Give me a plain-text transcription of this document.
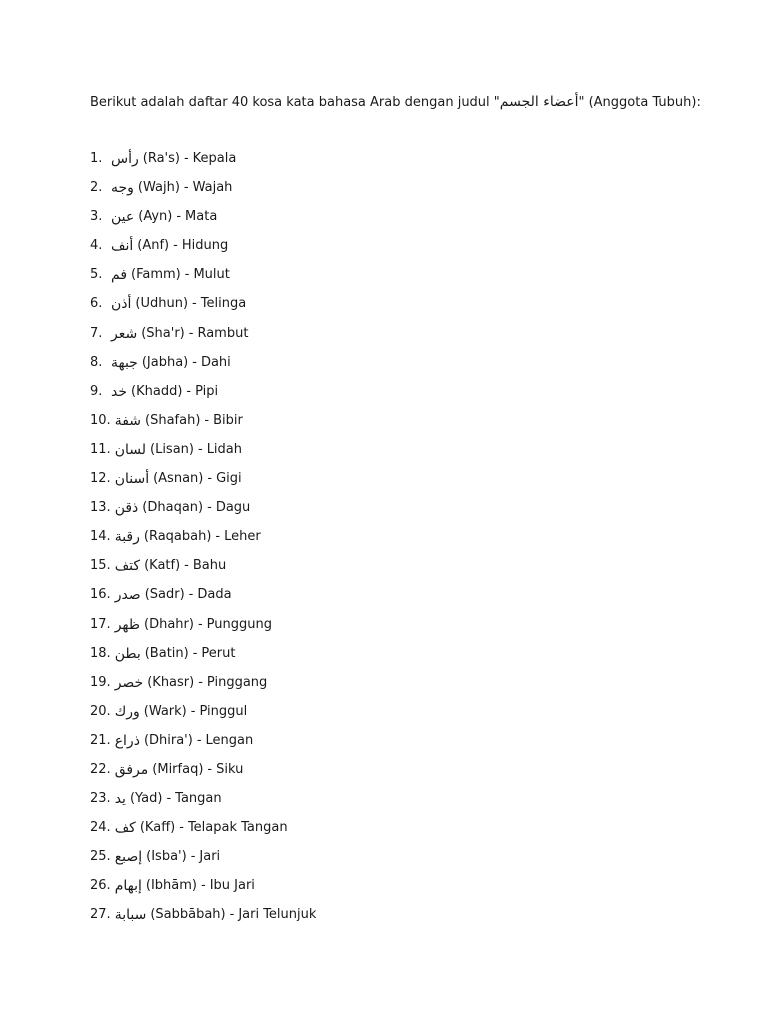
Berikut adalah daftar 40 kosa kata bahasa Arab dengan judul "أعضاء الجسم" (Anggota Tubuh):
1. رأس (Ra's) - Kepala
2. وجه (Wajh) - Wajah
3. عين (Ayn) - Mata
4. أنف (Anf) - Hidung
5. فم (Famm) - Mulut
6. أذن (Udhun) - Telinga
7. شعر (Sha'r) - Rambut
8. جبهة (Jabha) - Dahi
9. خد (Khadd) - Pipi
10. شفة (Shafah) - Bibir
11. لسان (Lisan) - Lidah
12. أسنان (Asnan) - Gigi
13. ذقن (Dhaqan) - Dagu
14. رقبة (Raqabah) - Leher
15. كتف (Katf) - Bahu
16. صدر (Sadr) - Dada
17. ظهر (Dhahr) - Punggung
18. بطن (Batin) - Perut
19. خصر (Khasr) - Pinggang
20. ورك (Wark) - Pinggul
21. ذراع (Dhira') - Lengan
22. مرفق (Mirfaq) - Siku
23. يد (Yad) - Tangan
24. كف (Kaff) - Telapak Tangan
25. إصبع (Isba') - Jari
26. إبهام (Ibhām) - Ibu Jari
27. سبابة (Sabbābah) - Jari Telunjuk
